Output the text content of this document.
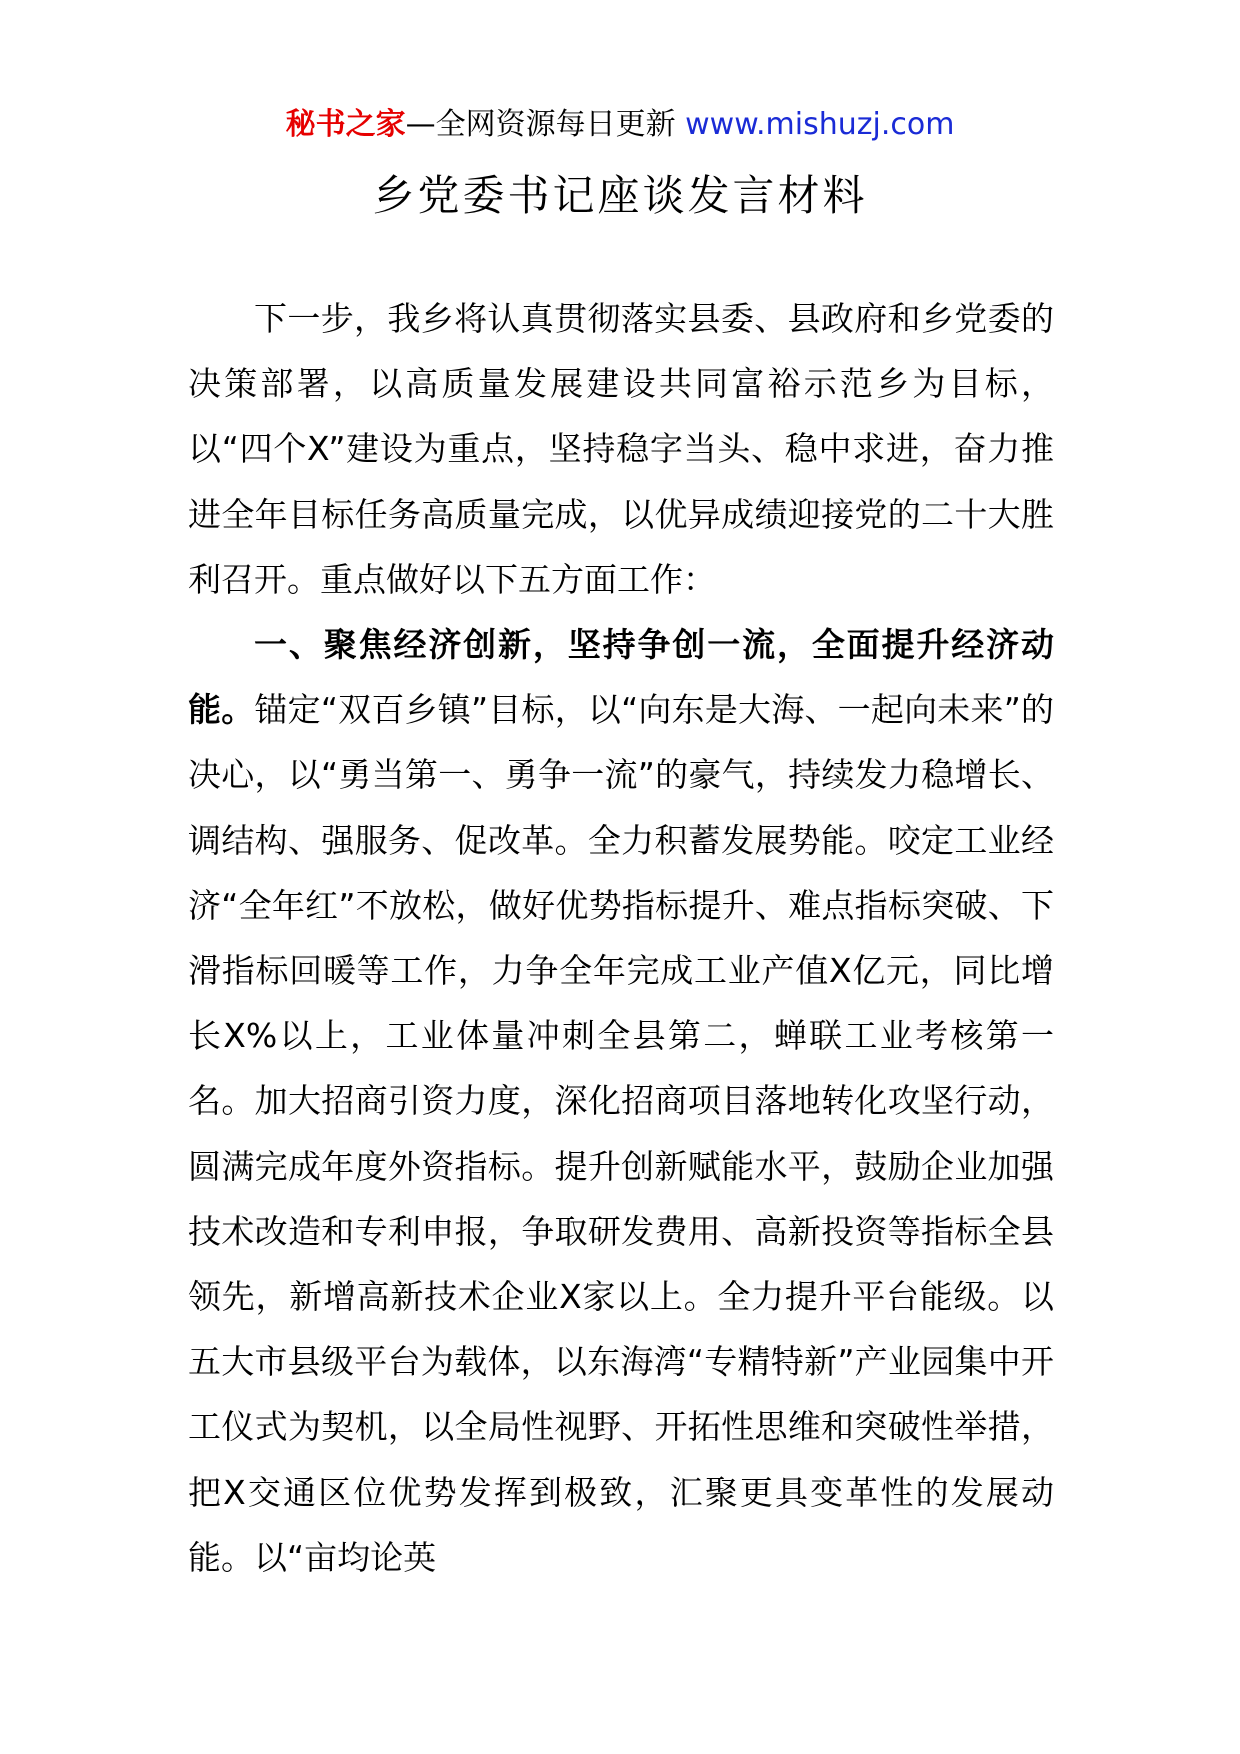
秘书之家—全网资源每日更新 www.mishuzj.com
乡党委书记座谈发言材料

下一步，我乡将认真贯彻落实县委、县政府和乡党委的决策部署，以高质量发展建设共同富裕示范乡为目标，以“四个X”建设为重点，坚持稳字当头、稳中求进，奋力推进全年目标任务高质量完成，以优异成绩迎接党的二十大胜利召开。重点做好以下五方面工作：

一、聚焦经济创新，坚持争创一流，全面提升经济动能。锚定“双百乡镇”目标，以“向东是大海、一起向未来”的决心，以“勇当第一、勇争一流”的豪气，持续发力稳增长、调结构、强服务、促改革。全力积蓄发展势能。咬定工业经济“全年红”不放松，做好优势指标提升、难点指标突破、下滑指标回暖等工作，力争全年完成工业产值X亿元，同比增长X%以上，工业体量冲刺全县第二，蝉联工业考核第一名。加大招商引资力度，深化招商项目落地转化攻坚行动，圆满完成年度外资指标。提升创新赋能水平，鼓励企业加强技术改造和专利申报，争取研发费用、高新投资等指标全县领先，新增高新技术企业X家以上。全力提升平台能级。以五大市县级平台为载体，以东海湾“专精特新”产业园集中开工仪式为契机，以全局性视野、开拓性思维和突破性举措，把X交通区位优势发挥到极致，汇聚更具变革性的发展动能。以“亩均论英
